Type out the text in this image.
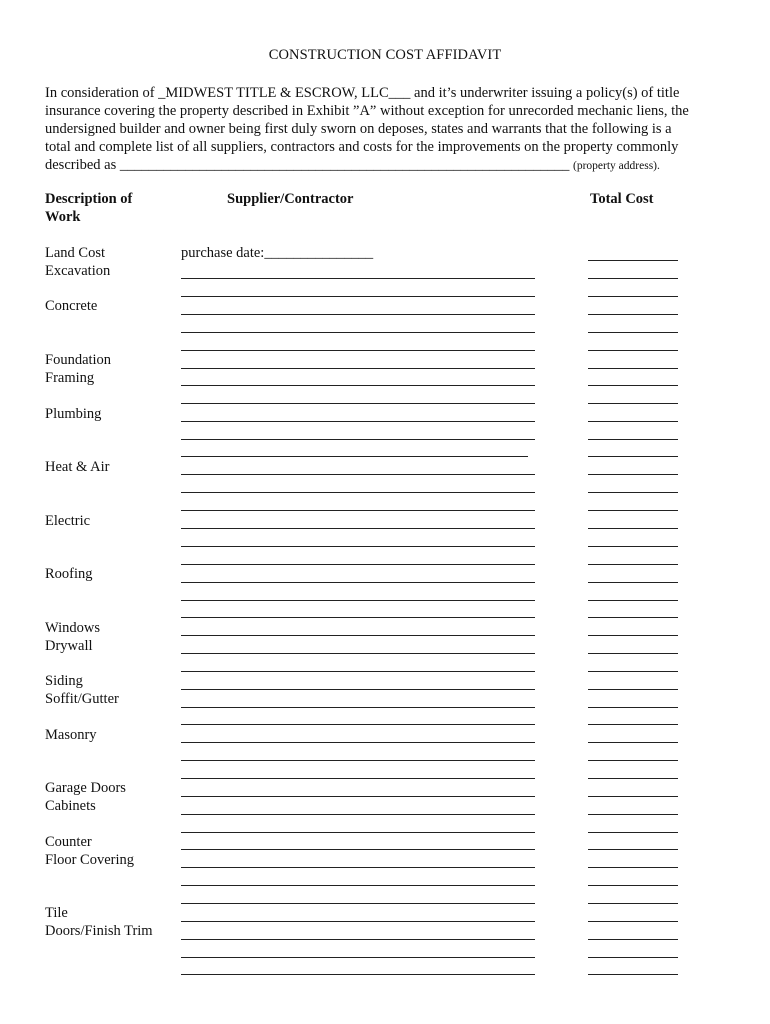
CONSTRUCTION COST AFFIDAVIT
In consideration of _MIDWEST TITLE & ESCROW, LLC___ and it’s underwriter issuing a policy(s) of title
insurance covering the property described in Exhibit ”A” without exception for unrecorded mechanic liens, the
undersigned builder and owner being first duly sworn on deposes, states and warrants that the following is a
total and complete list of all suppliers, contractors and costs for the improvements on the property commonly
described as ______________________________________________________________ (property address).
Description of
Work
Supplier/Contractor	Total Cost
purchase date:_______________
Land Cost
Excavation
Concrete
Foundation
Framing
Plumbing
Heat & Air
Electric
Roofing
Windows
Drywall
Siding
Soffit/Gutter
Masonry
Garage Doors
Cabinets
Counter
Floor Covering
Tile
Doors/Finish Trim
